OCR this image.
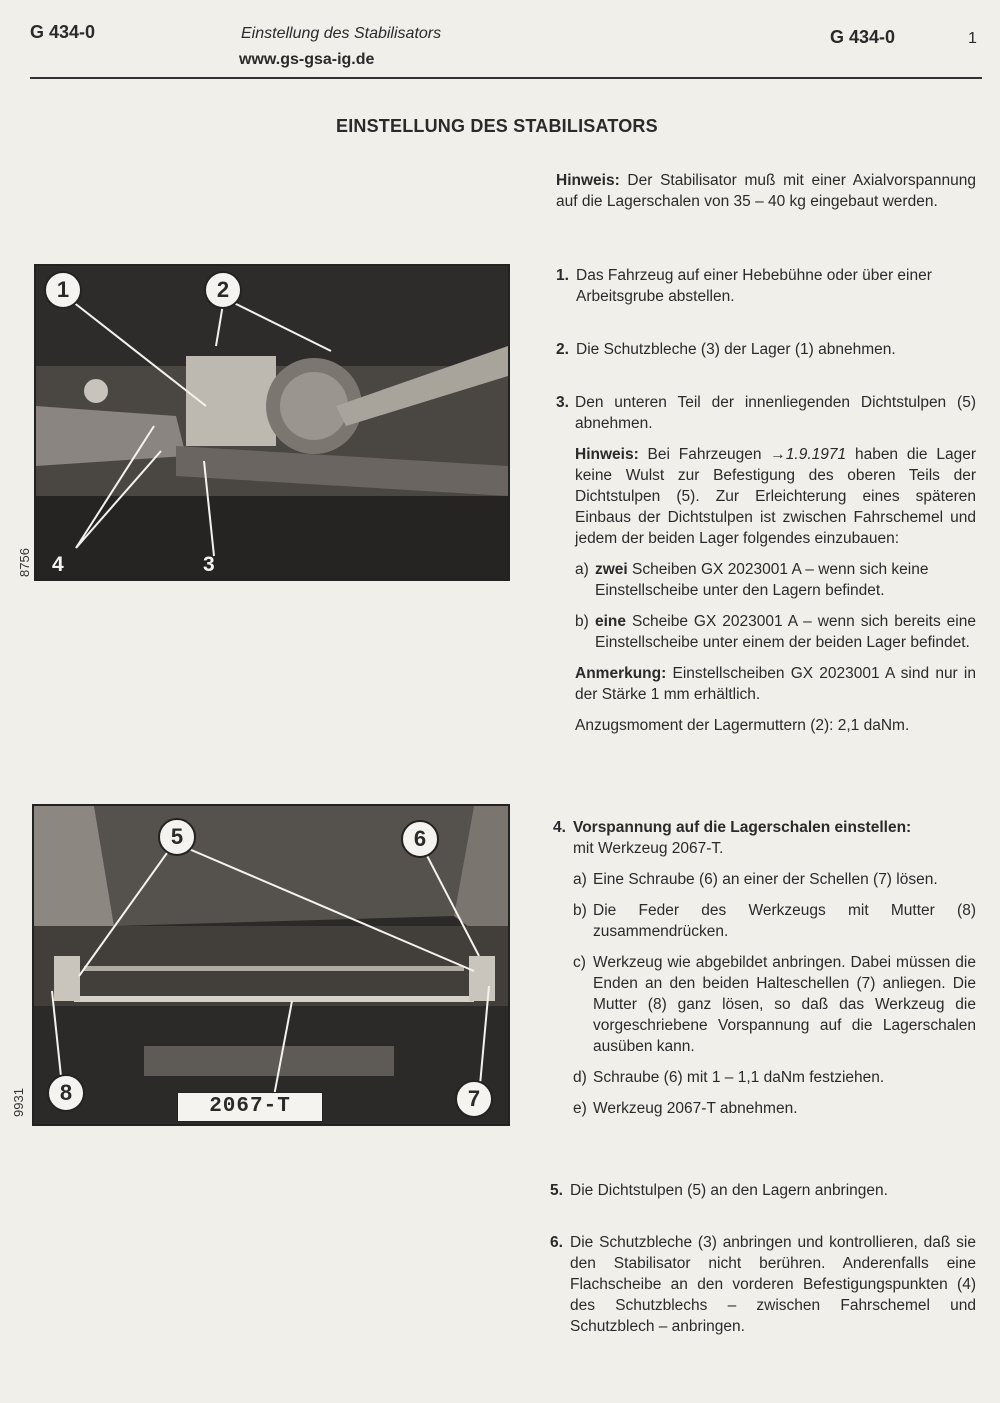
G 434-0	Einstellung des Stabilisators
www.gs-gsa-ig.de
G 434-0	1
EINSTELLUNG DES STABILISATORS
1	2
3
4
8756
5	6
7
8
2067-T
9931
Hinweis: Der Stabilisator muß mit einer Axialvorspannung auf die Lagerschalen von 35 – 40 kg eingebaut werden.
1. Das Fahrzeug auf einer Hebebühne oder über einer Arbeitsgrube abstellen.

2. Die Schutzbleche (3) der Lager (1) abnehmen.

3. Den unteren Teil der innenliegenden Dichtstulpen (5) abnehmen.

Hinweis: Bei Fahrzeugen →1.9.1971 haben die Lager keine Wulst zur Befestigung des oberen Teils der Dichtstulpen (5). Zur Erleichterung eines späteren Einbaus der Dichtstulpen ist zwischen Fahrschemel und jedem der beiden Lager folgendes einzubauen:

a) zwei Scheiben GX 2023001 A – wenn sich keine Einstellscheibe unter den Lagern befindet.

b) eine Scheibe GX 2023001 A – wenn sich bereits eine Einstellscheibe unter einem der beiden Lager befindet.

Anmerkung: Einstellscheiben GX 2023001 A sind nur in der Stärke 1 mm erhältlich.

Anzugsmoment der Lagermuttern (2): 2,1 daNm.

4. Vorspannung auf die Lagerschalen einstellen:

mit Werkzeug 2067-T.

a) Eine Schraube (6) an einer der Schellen (7) lösen.

b) Die Feder des Werkzeugs mit Mutter (8) zusammendrücken.

c) Werkzeug wie abgebildet anbringen. Dabei müssen die Enden an den beiden Halteschellen (7) anliegen. Die Mutter (8) ganz lösen, so daß das Werkzeug die vorgeschriebene Vorspannung auf die Lagerschalen ausüben kann.

d) Schraube (6) mit 1 – 1,1 daNm festziehen.

e) Werkzeug 2067-T abnehmen.

5. Die Dichtstulpen (5) an den Lagern anbringen.

6. Die Schutzbleche (3) anbringen und kontrollieren, daß sie den Stabilisator nicht berühren. Anderenfalls eine Flachscheibe an den vorderen Befestigungspunkten (4) des Schutzblechs – zwischen Fahrschemel und Schutzblech – anbringen.
